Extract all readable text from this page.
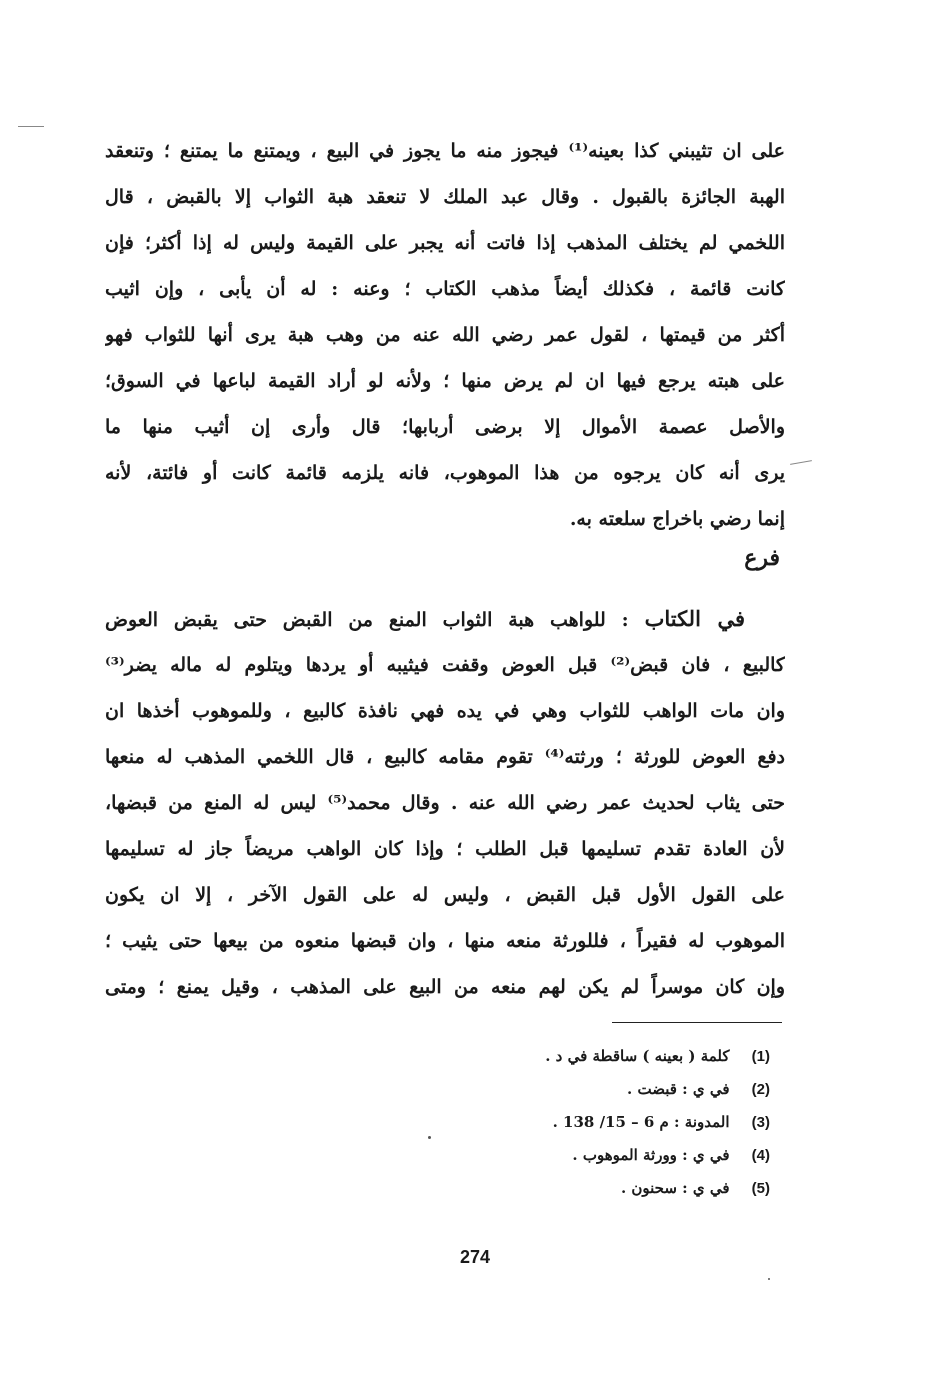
على ان تثيبني كذا بعينه⁽¹⁾ فيجوز منه ما يجوز في البيع ، ويمتنع ما يمتنع ؛ وتنعقد
الهبة الجائزة بالقبول . وقال عبد الملك لا تنعقد هبة الثواب إلا بالقبض ، قال
اللخمي لم يختلف المذهب إذا فاتت أنه يجبر على القيمة وليس له إذا أكثر؛ فإن
كانت قائمة ، فكذلك أيضاً مذهب الكتاب ؛ وعنه : له أن يأبى ، وإن اثيب
أكثر من قيمتها ، لقول عمر رضي الله عنه من وهب هبة يرى أنها للثواب فهو
على هبته يرجع فيها ان لم يرض منها ؛ ولأنه لو أراد القيمة لباعها في السوق؛
والأصل عصمة الأموال إلا برضى أربابها؛ قال وأرى إن أثيب منها ما
يرى أنه كان يرجوه من هذا الموهوب، فانه يلزمه قائمة كانت أو فائتة، لأنه
إنما رضي باخراج سلعته به.
فرع
في الكتاب : للواهب هبة الثواب المنع من القبض حتى يقبض العوض
كالبيع ، فان قبض⁽²⁾ قبل العوض وقفت فيثيبه أو يردها ويتلوم له ماله يضر⁽³⁾
وان مات الواهب للثواب وهي في يده فهي نافذة كالبيع ، وللموهوب أخذها ان
دفع العوض للورثة ؛ ورثته⁽⁴⁾ تقوم مقامه كالبيع ، قال اللخمي المذهب له منعها
حتى يثاب لحديث عمر رضي الله عنه . وقال محمد⁽⁵⁾ ليس له المنع من قبضها،
لأن العادة تقدم تسليمها قبل الطلب ؛ وإذا كان الواهب مريضاً جاز له تسليمها
على القول الأول قبل القبض ، وليس له على القول الآخر ، إلا ان يكون
الموهوب له فقيراً ، فللورثة منعه منها ، وان قبضها منعوه من بيعها حتى يثيب ؛
وإن كان موسراً لم يكن لهم منعه من البيع على المذهب ، وقيل يمنع ؛ ومتى
(1)  كلمة ( بعينه ) ساقطة في د .
(2)  في ي : قبضت .
(3)  المدونة : م 6 – 15/ 138 .
(4)  في ي : وورثة الموهوب .
(5)  في ي : سحنون .
274
